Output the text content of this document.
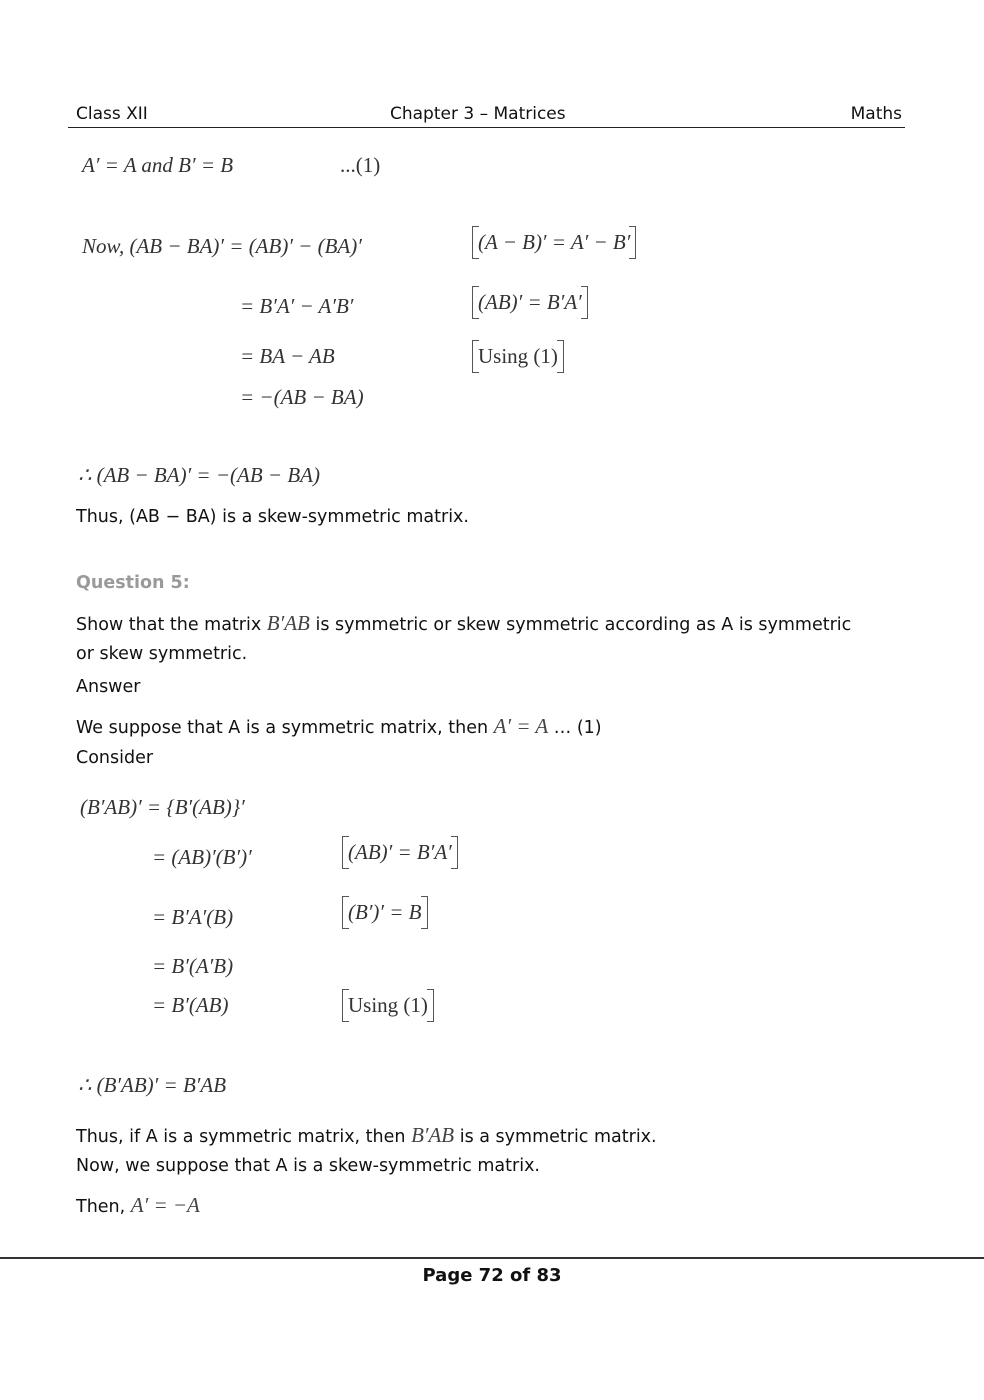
Class XII	Chapter 3 – Matrices	Maths
A′ = A and B′ = B	...(1)
Now, (AB − BA)′ = (AB)′ − (BA)′	(A − B)′ = A′ − B′
= B′A′ − A′B′	(AB)′ = B′A′
= BA − AB	Using (1)
= −(AB − BA)
∴ (AB − BA)′ = −(AB − BA)
Thus, (AB − BA) is a skew-symmetric matrix.
Question 5:
Show that the matrix B′AB is symmetric or skew symmetric according as A is symmetric
or skew symmetric.
Answer
We suppose that A is a symmetric matrix, then A′ = A … (1)
Consider
(B′AB)′ = {B′(AB)}′
= (AB)′(B′)′	(AB)′ = B′A′
= B′A′(B)	(B′)′ = B
= B′(A′B)
= B′(AB)	Using (1)
∴ (B′AB)′ = B′AB
Thus, if A is a symmetric matrix, then B′AB is a symmetric matrix.
Now, we suppose that A is a skew-symmetric matrix.
Then, A′ = −A
Page 72 of 83
